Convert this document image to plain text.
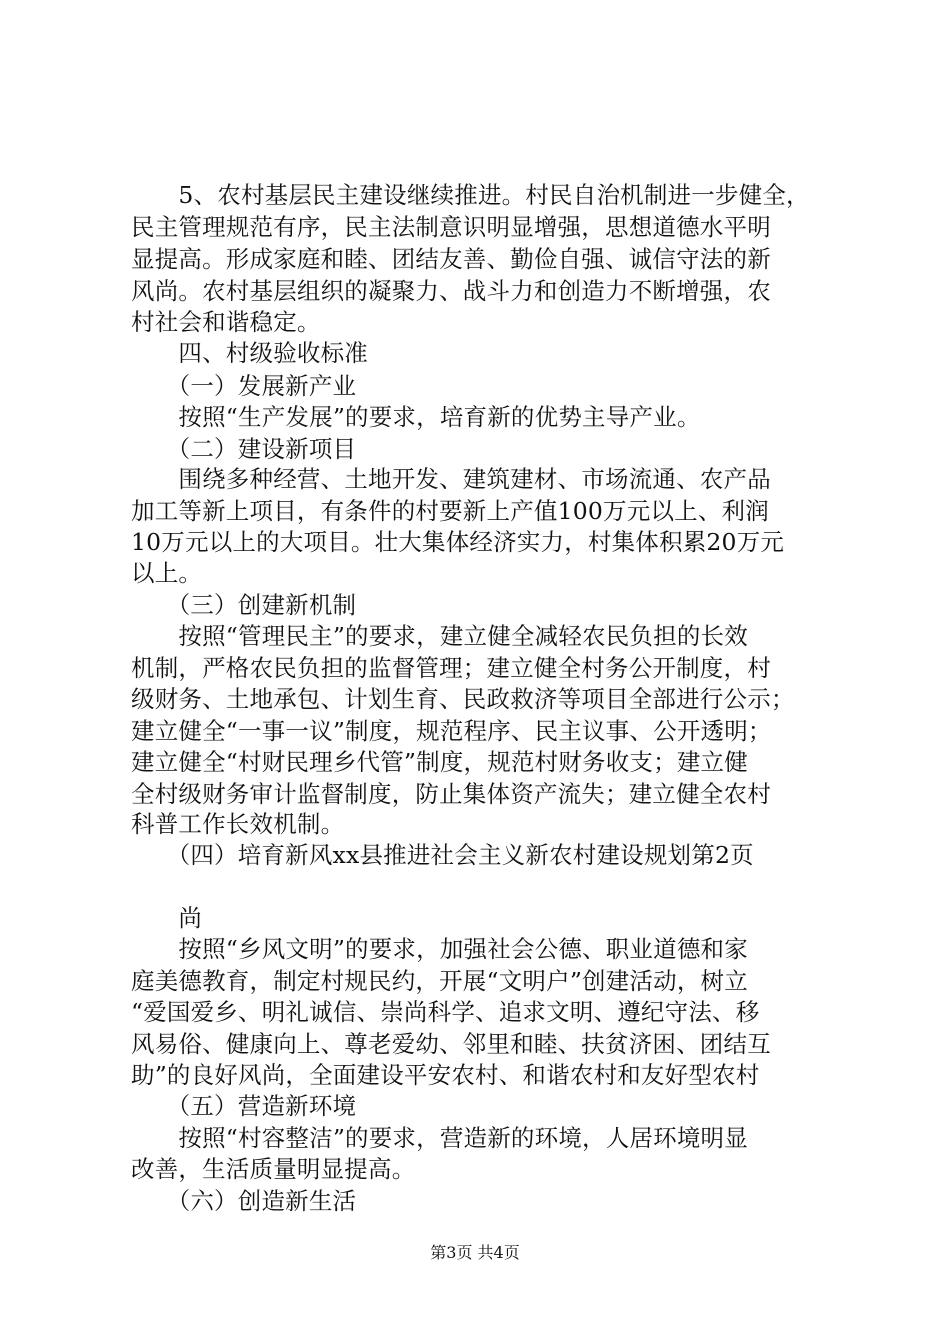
　　5、农村基层民主建设继续推进。村民自治机制进一步健全，
民主管理规范有序，民主法制意识明显增强，思想道德水平明
显提高。形成家庭和睦、团结友善、勤俭自强、诚信守法的新
风尚。农村基层组织的凝聚力、战斗力和创造力不断增强，农
村社会和谐稳定。
　　四、村级验收标准
　　（一）发展新产业
　　按照“生产发展”的要求，培育新的优势主导产业。
　　（二）建设新项目
　　围绕多种经营、土地开发、建筑建材、市场流通、农产品
加工等新上项目，有条件的村要新上产值100万元以上、利润
10万元以上的大项目。壮大集体经济实力，村集体积累20万元
以上。
　　（三）创建新机制
　　按照“管理民主”的要求，建立健全减轻农民负担的长效
机制，严格农民负担的监督管理；建立健全村务公开制度，村
级财务、土地承包、计划生育、民政救济等项目全部进行公示；
建立健全“一事一议”制度，规范程序、民主议事、公开透明；
建立健全“村财民理乡代管”制度，规范村财务收支；建立健
全村级财务审计监督制度，防止集体资产流失；建立健全农村
科普工作长效机制。
　　（四）培育新风xx县推进社会主义新农村建设规划第2页
　　尚
　　按照“乡风文明”的要求，加强社会公德、职业道德和家
庭美德教育，制定村规民约，开展“文明户”创建活动，树立
“爱国爱乡、明礼诚信、崇尚科学、追求文明、遵纪守法、移
风易俗、健康向上、尊老爱幼、邻里和睦、扶贫济困、团结互
助”的良好风尚，全面建设平安农村、和谐农村和友好型农村
　　（五）营造新环境
　　按照“村容整洁”的要求，营造新的环境，人居环境明显
改善，生活质量明显提高。
　　（六）创造新生活
第3页 共4页
